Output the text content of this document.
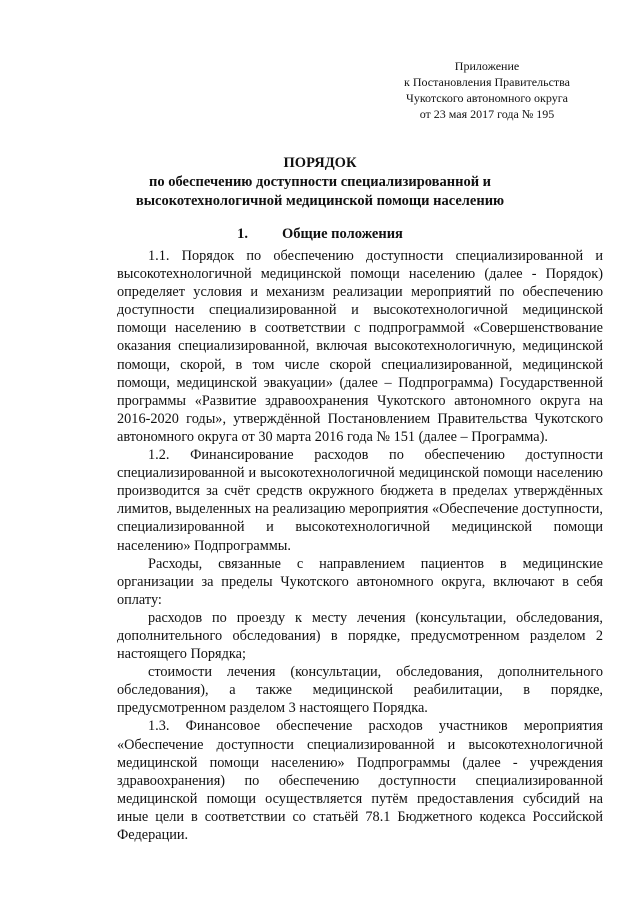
Приложение
к Постановления Правительства
Чукотского автономного округа
от 23 мая 2017 года № 195
ПОРЯДОК
по обеспечению доступности специализированной и
высокотехнологичной медицинской помощи населению
1. Общие положения

1.1. Порядок по обеспечению доступности специализированной и высокотехнологичной медицинской помощи населению (далее - Порядок) определяет условия и механизм реализации мероприятий по обеспечению доступности специализированной и высокотехнологичной медицинской помощи населению в соответствии с подпрограммой «Совершенствование оказания специализированной, включая высокотехнологичную, медицинской помощи, скорой, в том числе скорой специализированной, медицинской помощи, медицинской эвакуации» (далее – Подпрограмма) Государственной программы «Развитие здравоохранения Чукотского автономного округа на 2016-2020 годы», утверждённой Постановлением Правительства Чукотского автономного округа от 30 марта 2016 года № 151 (далее – Программа).

1.2. Финансирование расходов по обеспечению доступности специализированной и высокотехнологичной медицинской помощи населению производится за счёт средств окружного бюджета в пределах утверждённых лимитов, выделенных на реализацию мероприятия «Обеспечение доступности, специализированной и высокотехнологичной медицинской помощи населению» Подпрограммы.

Расходы, связанные с направлением пациентов в медицинские организации за пределы Чукотского автономного округа, включают в себя оплату:

расходов по проезду к месту лечения (консультации, обследования, дополнительного обследования) в порядке, предусмотренном разделом 2 настоящего Порядка;

стоимости лечения (консультации, обследования, дополнительного обследования), а также медицинской реабилитации, в порядке, предусмотренном разделом 3 настоящего Порядка.

1.3. Финансовое обеспечение расходов участников мероприятия «Обеспечение доступности специализированной и высокотехнологичной медицинской помощи населению» Подпрограммы (далее - учреждения здравоохранения) по обеспечению доступности специализированной медицинской помощи осуществляется путём предоставления субсидий на иные цели в соответствии со статьёй 78.1 Бюджетного кодекса Российской Федерации.
